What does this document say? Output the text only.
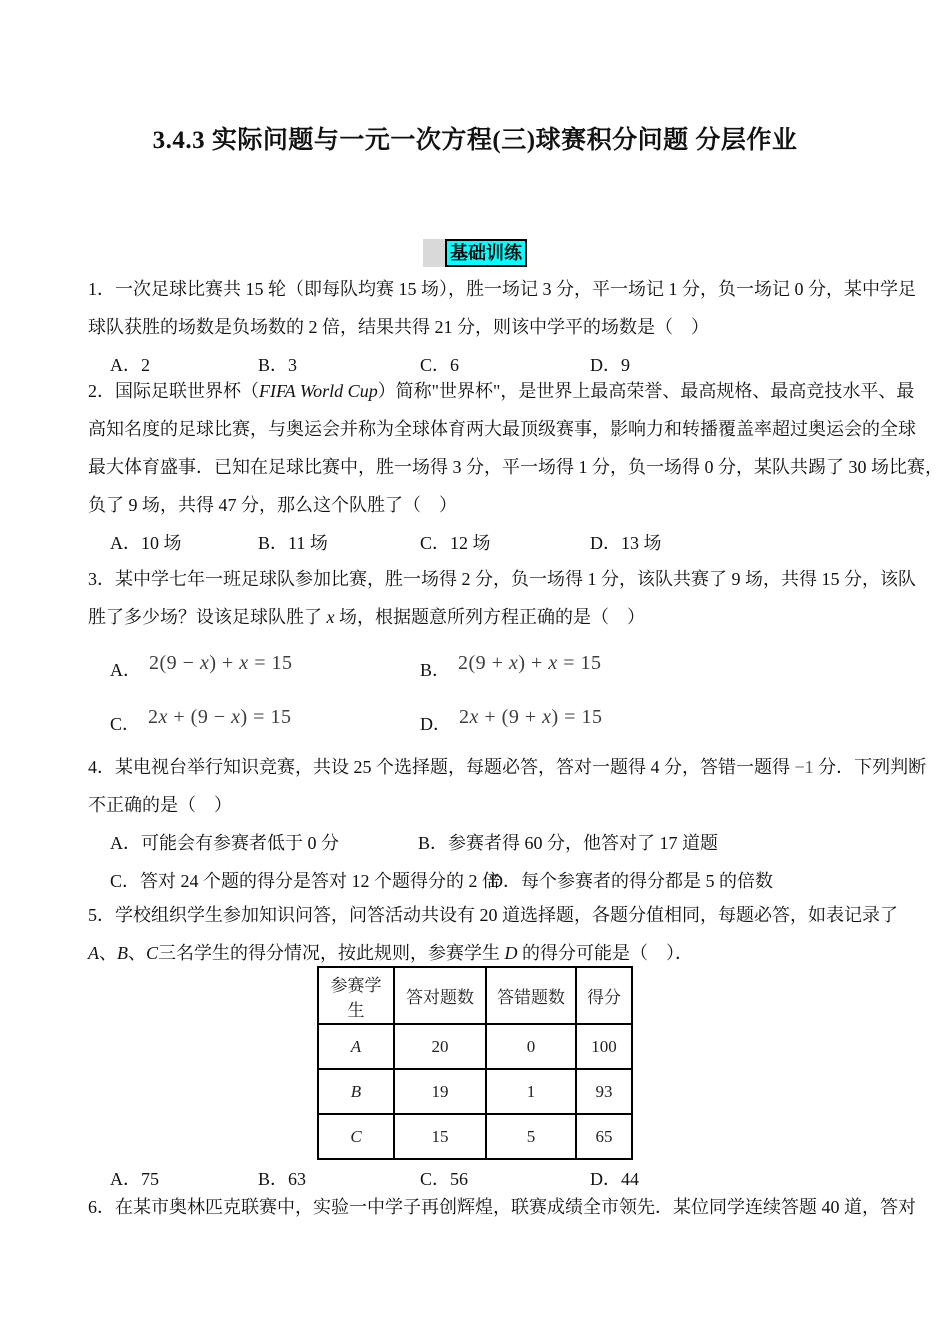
3.4.3 实际问题与一元一次方程(三)球赛积分问题 分层作业
基础训练
1．一次足球比赛共 15 轮（即每队均赛 15 场），胜一场记 3 分，平一场记 1 分，负一场记 0 分，某中学足
球队获胜的场数是负场数的 2 倍，结果共得 21 分，则该中学平的场数是（　）
A．2	B．3	C．6	D．9
2．国际足联世界杯（FIFA World Cup）简称"世界杯"，是世界上最高荣誉、最高规格、最高竞技水平、最
高知名度的足球比赛，与奥运会并称为全球体育两大最顶级赛事，影响力和转播覆盖率超过奥运会的全球
最大体育盛事．已知在足球比赛中，胜一场得 3 分，平一场得 1 分，负一场得 0 分，某队共踢了 30 场比赛，
负了 9 场，共得 47 分，那么这个队胜了（　）
A．10 场	B．11 场	C．12 场	D．13 场
3．某中学七年一班足球队参加比赛，胜一场得 2 分，负一场得 1 分，该队共赛了 9 场，共得 15 分，该队
胜了多少场？设该足球队胜了 x 场，根据题意所列方程正确的是（　）
A． 2(9 − x) + x = 15	B． 2(9 + x) + x = 15
C． 2x + (9 − x) = 15	D． 2x + (9 + x) = 15
4．某电视台举行知识竞赛，共设 25 个选择题，每题必答，答对一题得 4 分，答错一题得 −1 分．下列判断
不正确的是（　）
A．可能会有参赛者低于 0 分	B．参赛者得 60 分，他答对了 17 道题
C．答对 24 个题的得分是答对 12 个题得分的 2 倍
D．每个参赛者的得分都是 5 的倍数
5．学校组织学生参加知识问答，问答活动共设有 20 道选择题，各题分值相同，每题必答，如表记录了
A、B、C三名学生的得分情况，按此规则，参赛学生 D 的得分可能是（　）．
参赛学生	答对题数	答错题数	得分
A	20	0	100
B	19	1	93
C	15	5	65
A．75	B．63	C．56	D．44
6．在某市奥林匹克联赛中，实验一中学子再创辉煌，联赛成绩全市领先．某位同学连续答题 40 道，答对
